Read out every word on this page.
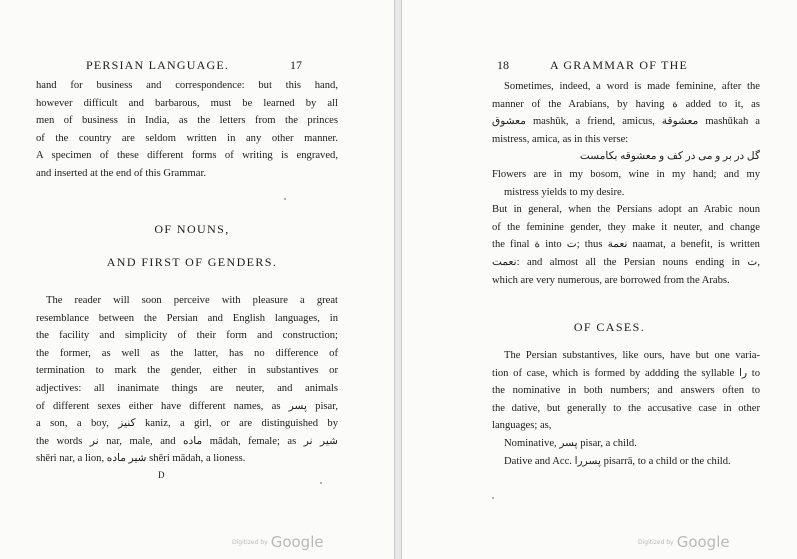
PERSIAN LANGUAGE.	17
hand for business and correspondence: but this hand,
however difficult and barbarous, must be learned by all
men of business in India, as the letters from the princes
of the country are seldom written in any other manner.
A specimen of these different forms of writing is engraved,
and inserted at the end of this Grammar.
OF NOUNS,
AND FIRST OF GENDERS.
The reader will soon perceive with pleasure a great
resemblance between the Persian and English languages, in
the facility and simplicity of their form and construction;
the former, as well as the latter, has no difference of
termination to mark the gender, either in substantives or
adjectives: all inanimate things are neuter, and animals
of different sexes either have different names, as پسر pisar,
a son, a boy, کنیز kaniz, a girl, or are distinguished by
the words نر nar, male, and ماده mādah, female; as شیر نر
shēri nar, a lion, شیر ماده shēri mādah, a lioness.
D
Digitized by Google
18	A GRAMMAR OF THE
Sometimes, indeed, a word is made feminine, after the
manner of the Arabians, by having ة added to it, as
معشوق mashūk, a friend, amicus, معشوقة mashūkah a
mistress, amica, as in this verse:
گل در بر و می در کف و معشوقه بکامست
Flowers are in my bosom, wine in my hand; and my
mistress yields to my desire.
But in general, when the Persians adopt an Arabic noun
of the feminine gender, they make it neuter, and change
the final ة into ت; thus نعمة naamat, a benefit, is written
نعمت: and almost all the Persian nouns ending in ت,
which are very numerous, are borrowed from the Arabs.
OF CASES.
The Persian substantives, like ours, have but one varia-
tion of case, which is formed by addding the syllable را to
the nominative in both numbers; and answers often to
the dative, but generally to the accusative case in other
languages; as,
Nominative, پسر pisar, a child.
Dative and Acc. پسررا pisarrā, to a child or the child.
Digitized by Google
